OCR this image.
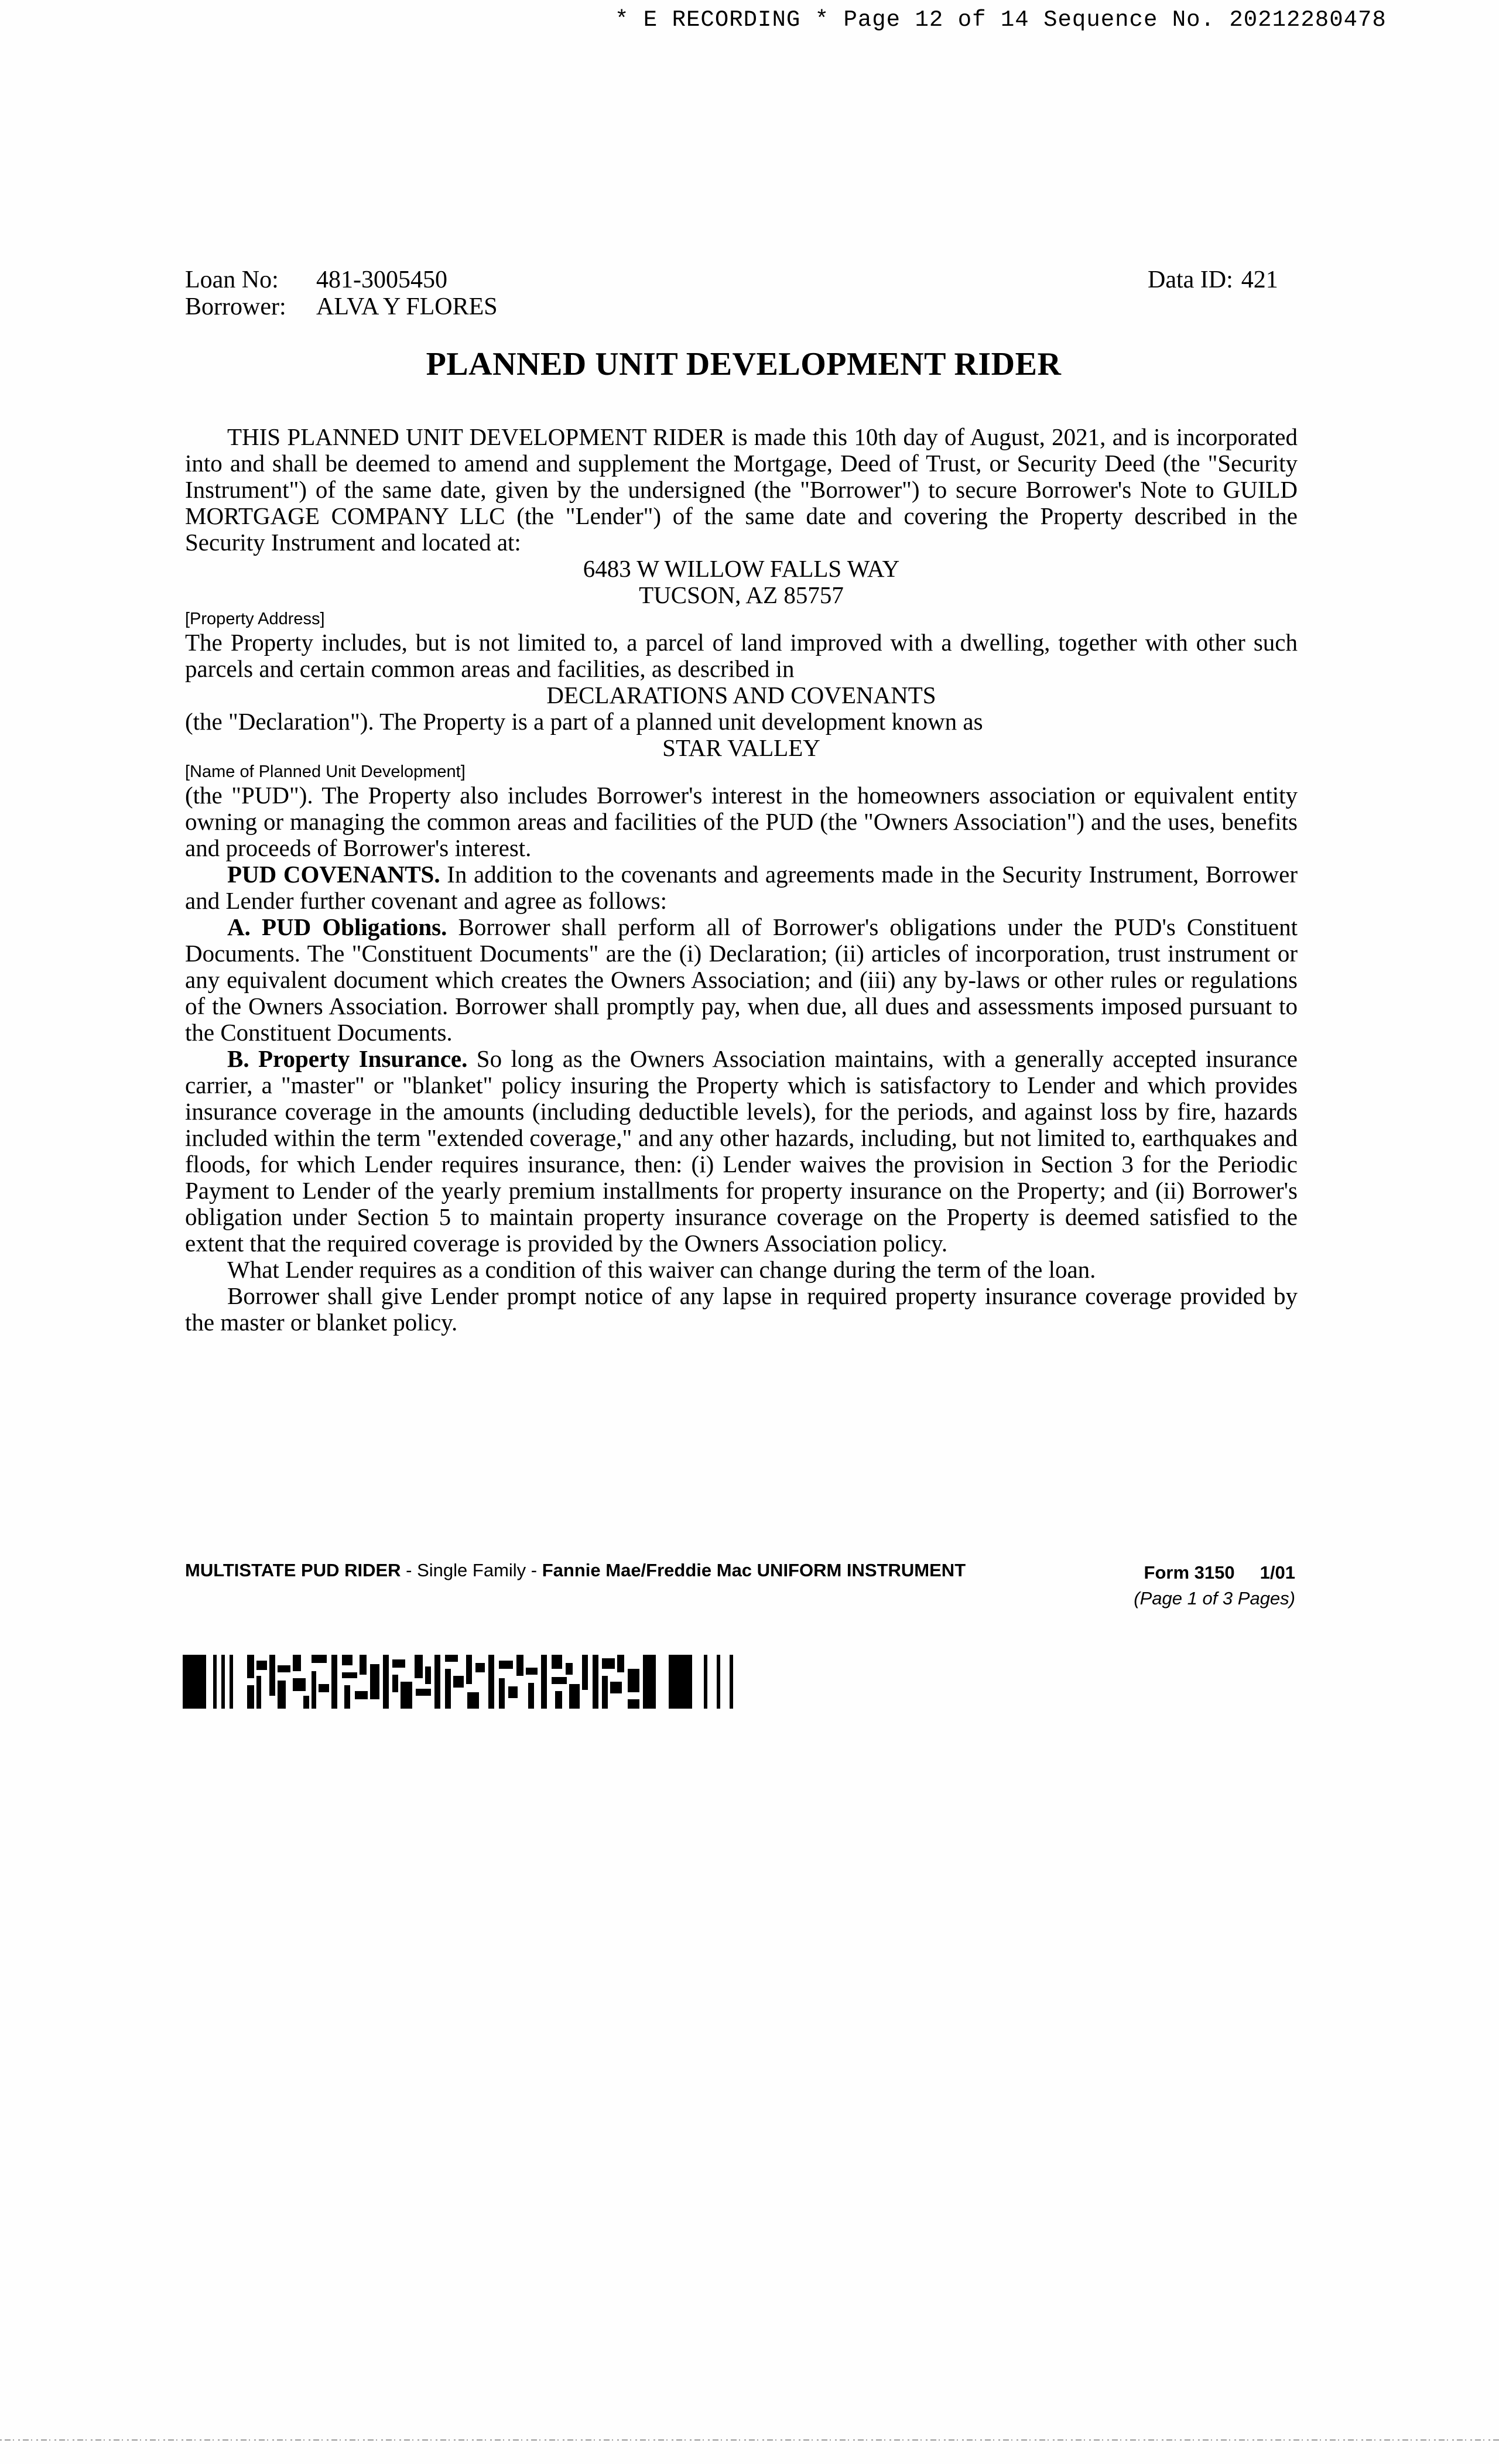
* E RECORDING * Page 12 of 14 Sequence No. 20212280478
Loan No:	481-3005450
Borrower:	ALVA Y FLORES
Data ID: 421
PLANNED UNIT DEVELOPMENT RIDER

THIS PLANNED UNIT DEVELOPMENT RIDER is made this 10th day of August, 2021, and is incorporated into and shall be deemed to amend and supplement the Mortgage, Deed of Trust, or Security Deed (the "Security Instrument") of the same date, given by the undersigned (the "Borrower") to secure Borrower's Note to GUILD MORTGAGE COMPANY LLC (the "Lender") of the same date and covering the Property described in the Security Instrument and located at:

6483 W WILLOW FALLS WAY

TUCSON, AZ 85757

[Property Address]

The Property includes, but is not limited to, a parcel of land improved with a dwelling, together with other such parcels and certain common areas and facilities, as described in

DECLARATIONS AND COVENANTS

(the "Declaration"). The Property is a part of a planned unit development known as

STAR VALLEY

[Name of Planned Unit Development]

(the "PUD"). The Property also includes Borrower's interest in the homeowners association or equivalent entity owning or managing the common areas and facilities of the PUD (the "Owners Association") and the uses, benefits and proceeds of Borrower's interest.

PUD COVENANTS. In addition to the covenants and agreements made in the Security Instrument, Borrower and Lender further covenant and agree as follows:

A. PUD Obligations. Borrower shall perform all of Borrower's obligations under the PUD's Constituent Documents. The "Constituent Documents" are the (i) Declaration; (ii) articles of incorporation, trust instrument or any equivalent document which creates the Owners Association; and (iii) any by-laws or other rules or regulations of the Owners Association. Borrower shall promptly pay, when due, all dues and assessments imposed pursuant to the Constituent Documents.

B. Property Insurance. So long as the Owners Association maintains, with a generally accepted insurance carrier, a "master" or "blanket" policy insuring the Property which is satisfactory to Lender and which provides insurance coverage in the amounts (including deductible levels), for the periods, and against loss by fire, hazards included within the term "extended coverage," and any other hazards, including, but not limited to, earthquakes and floods, for which Lender requires insurance, then: (i) Lender waives the provision in Section 3 for the Periodic Payment to Lender of the yearly premium installments for property insurance on the Property; and (ii) Borrower's obligation under Section 5 to maintain property insurance coverage on the Property is deemed satisfied to the extent that the required coverage is provided by the Owners Association policy.

What Lender requires as a condition of this waiver can change during the term of the loan.

Borrower shall give Lender prompt notice of any lapse in required property insurance coverage provided by the master or blanket policy.

MULTISTATE PUD RIDER - Single Family - Fannie Mae/Freddie Mac UNIFORM INSTRUMENT	Form 3150     1/01
(Page 1 of 3 Pages)
